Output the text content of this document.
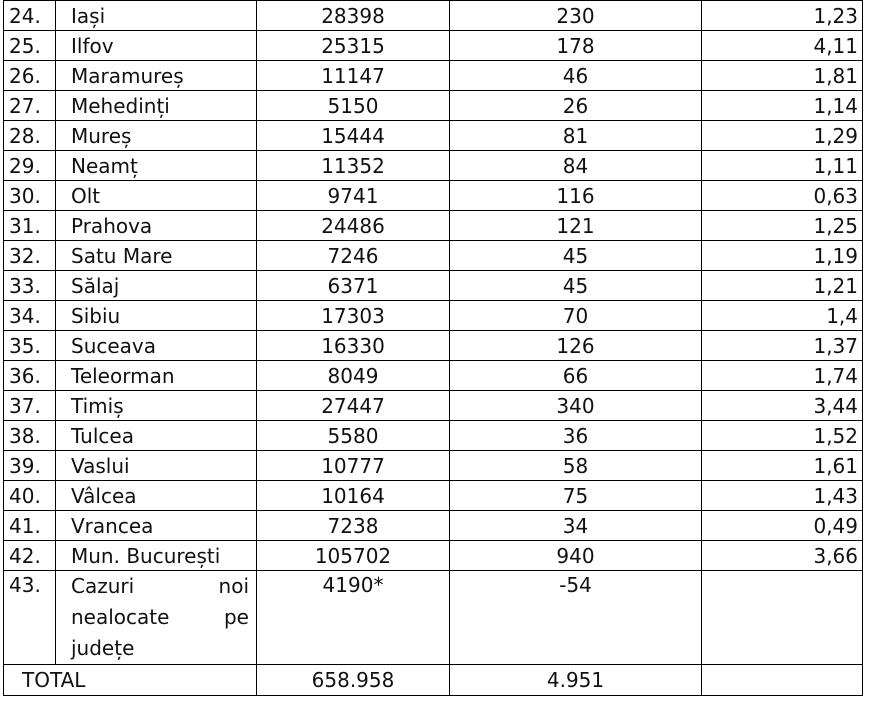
24.	Iași	28398	230	1,23
25.	Ilfov	25315	178	4,11
26.	Maramureș	11147	46	1,81
27.	Mehedinți	5150	26	1,14
28.	Mureș	15444	81	1,29
29.	Neamț	11352	84	1,11
30.	Olt	9741	116	0,63
31.	Prahova	24486	121	1,25
32.	Satu Mare	7246	45	1,19
33.	Sălaj	6371	45	1,21
34.	Sibiu	17303	70	1,4
35.	Suceava	16330	126	1,37
36.	Teleorman	8049	66	1,74
37.	Timiș	27447	340	3,44
38.	Tulcea	5580	36	1,52
39.	Vaslui	10777	58	1,61
40.	Vâlcea	10164	75	1,43
41.	Vrancea	7238	34	0,49
42.	Mun. București	105702	940	3,66
43.	Cazuri noi
nealocate pe
județe	4190*	-54	
TOTAL		658.958	4.951	
